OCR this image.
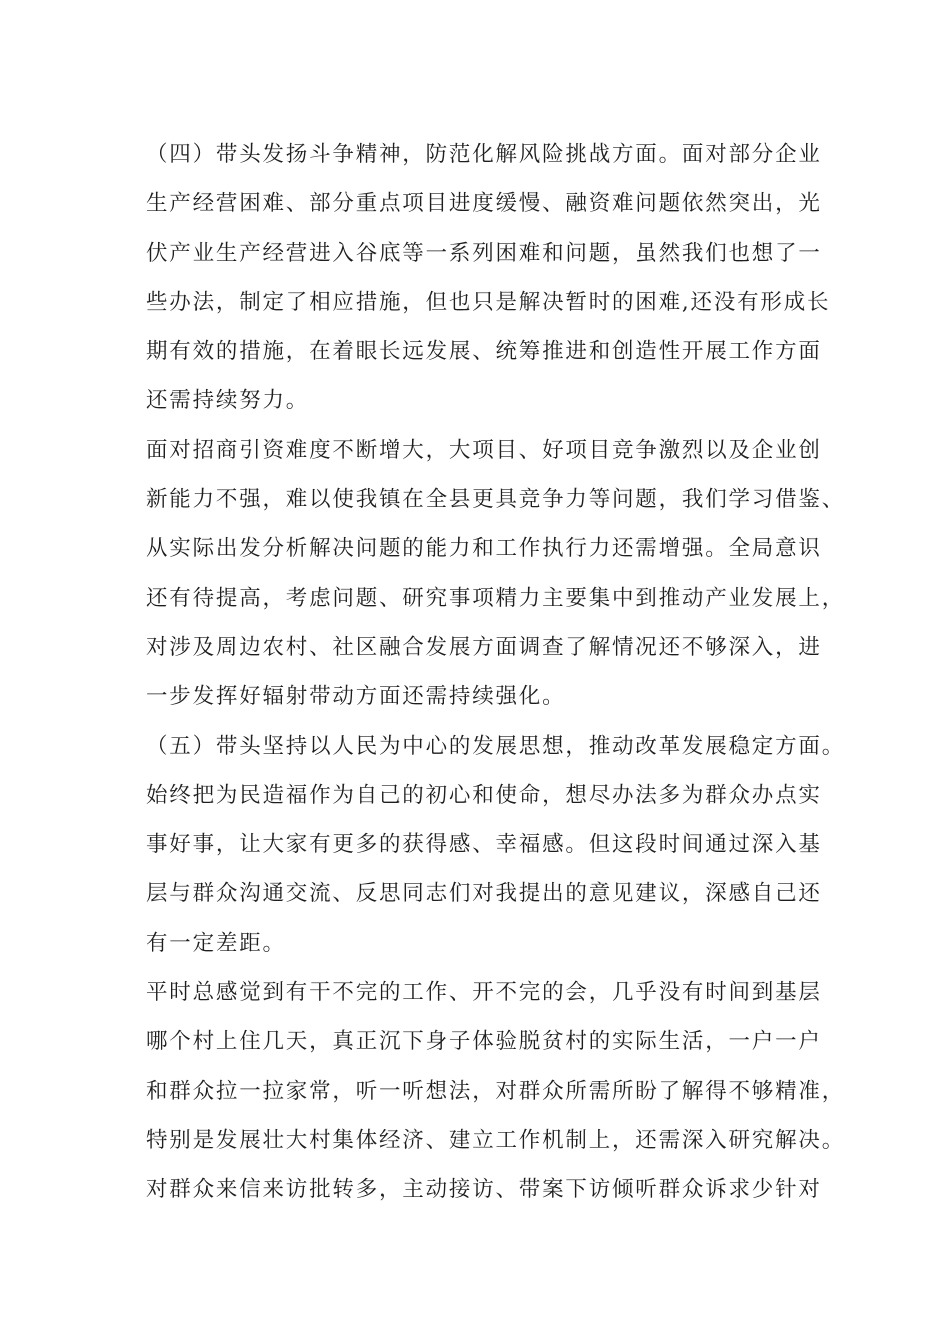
（四）带头发扬斗争精神，防范化解风险挑战方面。面对部分企业
生产经营困难、部分重点项目进度缓慢、融资难问题依然突出，光
伏产业生产经营进入谷底等一系列困难和问题，虽然我们也想了一
些办法，制定了相应措施，但也只是解决暂时的困难,还没有形成长
期有效的措施，在着眼长远发展、统筹推进和创造性开展工作方面
还需持续努力。
面对招商引资难度不断增大，大项目、好项目竞争激烈以及企业创
新能力不强，难以使我镇在全县更具竞争力等问题，我们学习借鉴、
从实际出发分析解决问题的能力和工作执行力还需增强。全局意识
还有待提高，考虑问题、研究事项精力主要集中到推动产业发展上，
对涉及周边农村、社区融合发展方面调查了解情况还不够深入，进
一步发挥好辐射带动方面还需持续强化。
（五）带头坚持以人民为中心的发展思想，推动改革发展稳定方面。
始终把为民造福作为自己的初心和使命，想尽办法多为群众办点实
事好事，让大家有更多的获得感、幸福感。但这段时间通过深入基
层与群众沟通交流、反思同志们对我提出的意见建议，深感自己还
有一定差距。
平时总感觉到有干不完的工作、开不完的会，几乎没有时间到基层
哪个村上住几天，真正沉下身子体验脱贫村的实际生活，一户一户
和群众拉一拉家常，听一听想法，对群众所需所盼了解得不够精准，
特别是发展壮大村集体经济、建立工作机制上，还需深入研究解决。
对群众来信来访批转多，主动接访、带案下访倾听群众诉求少针对
